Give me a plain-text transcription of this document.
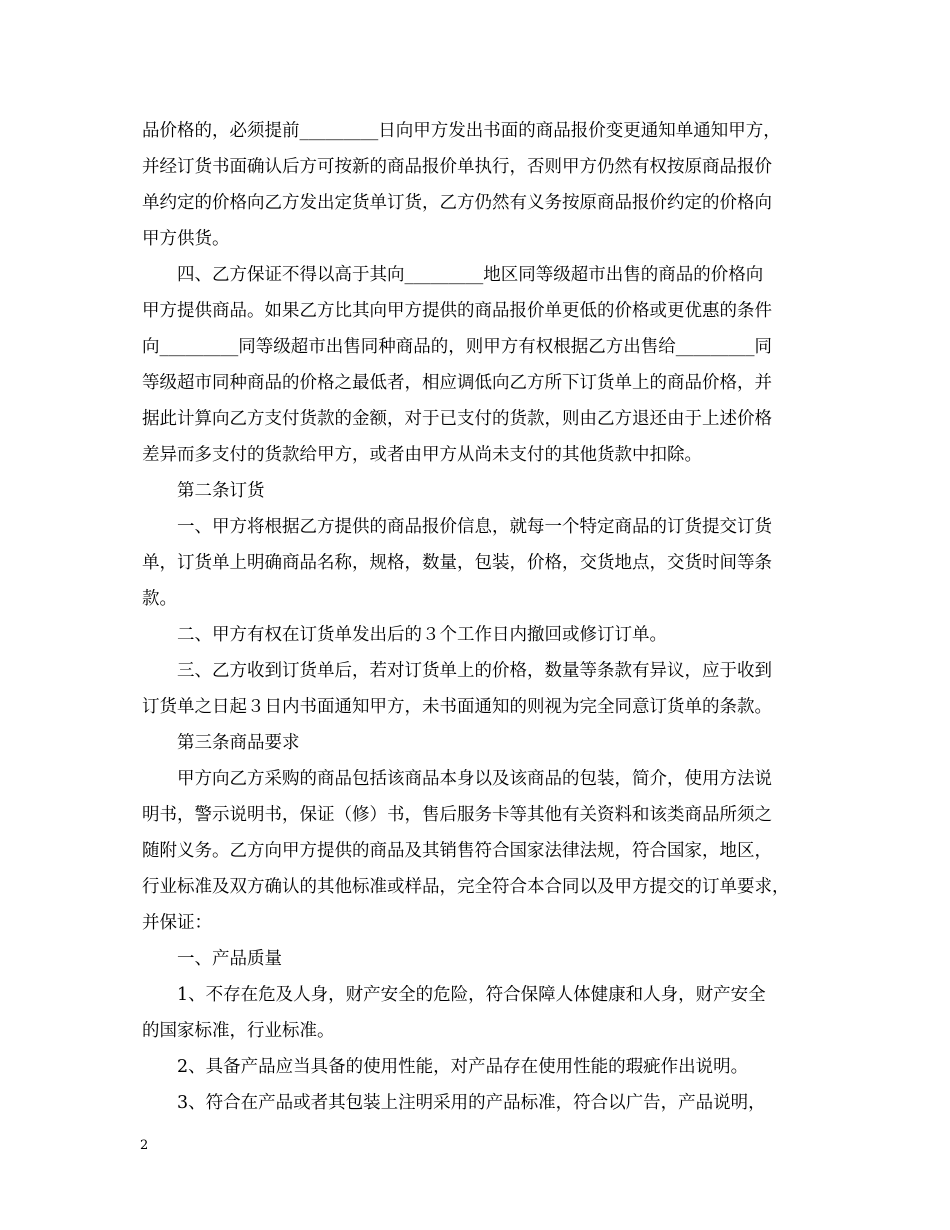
品价格的，必须提前_________日向甲方发出书面的商品报价变更通知单通知甲方，
并经订货书面确认后方可按新的商品报价单执行，否则甲方仍然有权按原商品报价
单约定的价格向乙方发出定货单订货，乙方仍然有义务按原商品报价约定的价格向
甲方供货。
四、乙方保证不得以高于其向_________地区同等级超市出售的商品的价格向
甲方提供商品。如果乙方比其向甲方提供的商品报价单更低的价格或更优惠的条件
向_________同等级超市出售同种商品的，则甲方有权根据乙方出售给_________同
等级超市同种商品的价格之最低者，相应调低向乙方所下订货单上的商品价格，并
据此计算向乙方支付货款的金额，对于已支付的货款，则由乙方退还由于上述价格
差异而多支付的货款给甲方，或者由甲方从尚未支付的其他货款中扣除。
第二条订货
一、甲方将根据乙方提供的商品报价信息，就每一个特定商品的订货提交订货
单，订货单上明确商品名称，规格，数量，包装，价格，交货地点，交货时间等条
款。
二、甲方有权在订货单发出后的３个工作日内撤回或修订订单。
三、乙方收到订货单后，若对订货单上的价格，数量等条款有异议，应于收到
订货单之日起３日内书面通知甲方，未书面通知的则视为完全同意订货单的条款。
第三条商品要求
甲方向乙方采购的商品包括该商品本身以及该商品的包装，简介，使用方法说
明书，警示说明书，保证（修）书，售后服务卡等其他有关资料和该类商品所须之
随附义务。乙方向甲方提供的商品及其销售符合国家法律法规，符合国家，地区，
行业标准及双方确认的其他标准或样品，完全符合本合同以及甲方提交的订单要求，
并保证：
一、产品质量
1、不存在危及人身，财产安全的危险，符合保障人体健康和人身，财产安全
的国家标准，行业标准。
2、具备产品应当具备的使用性能，对产品存在使用性能的瑕疵作出说明。
3、符合在产品或者其包装上注明采用的产品标准，符合以广告，产品说明，
2
